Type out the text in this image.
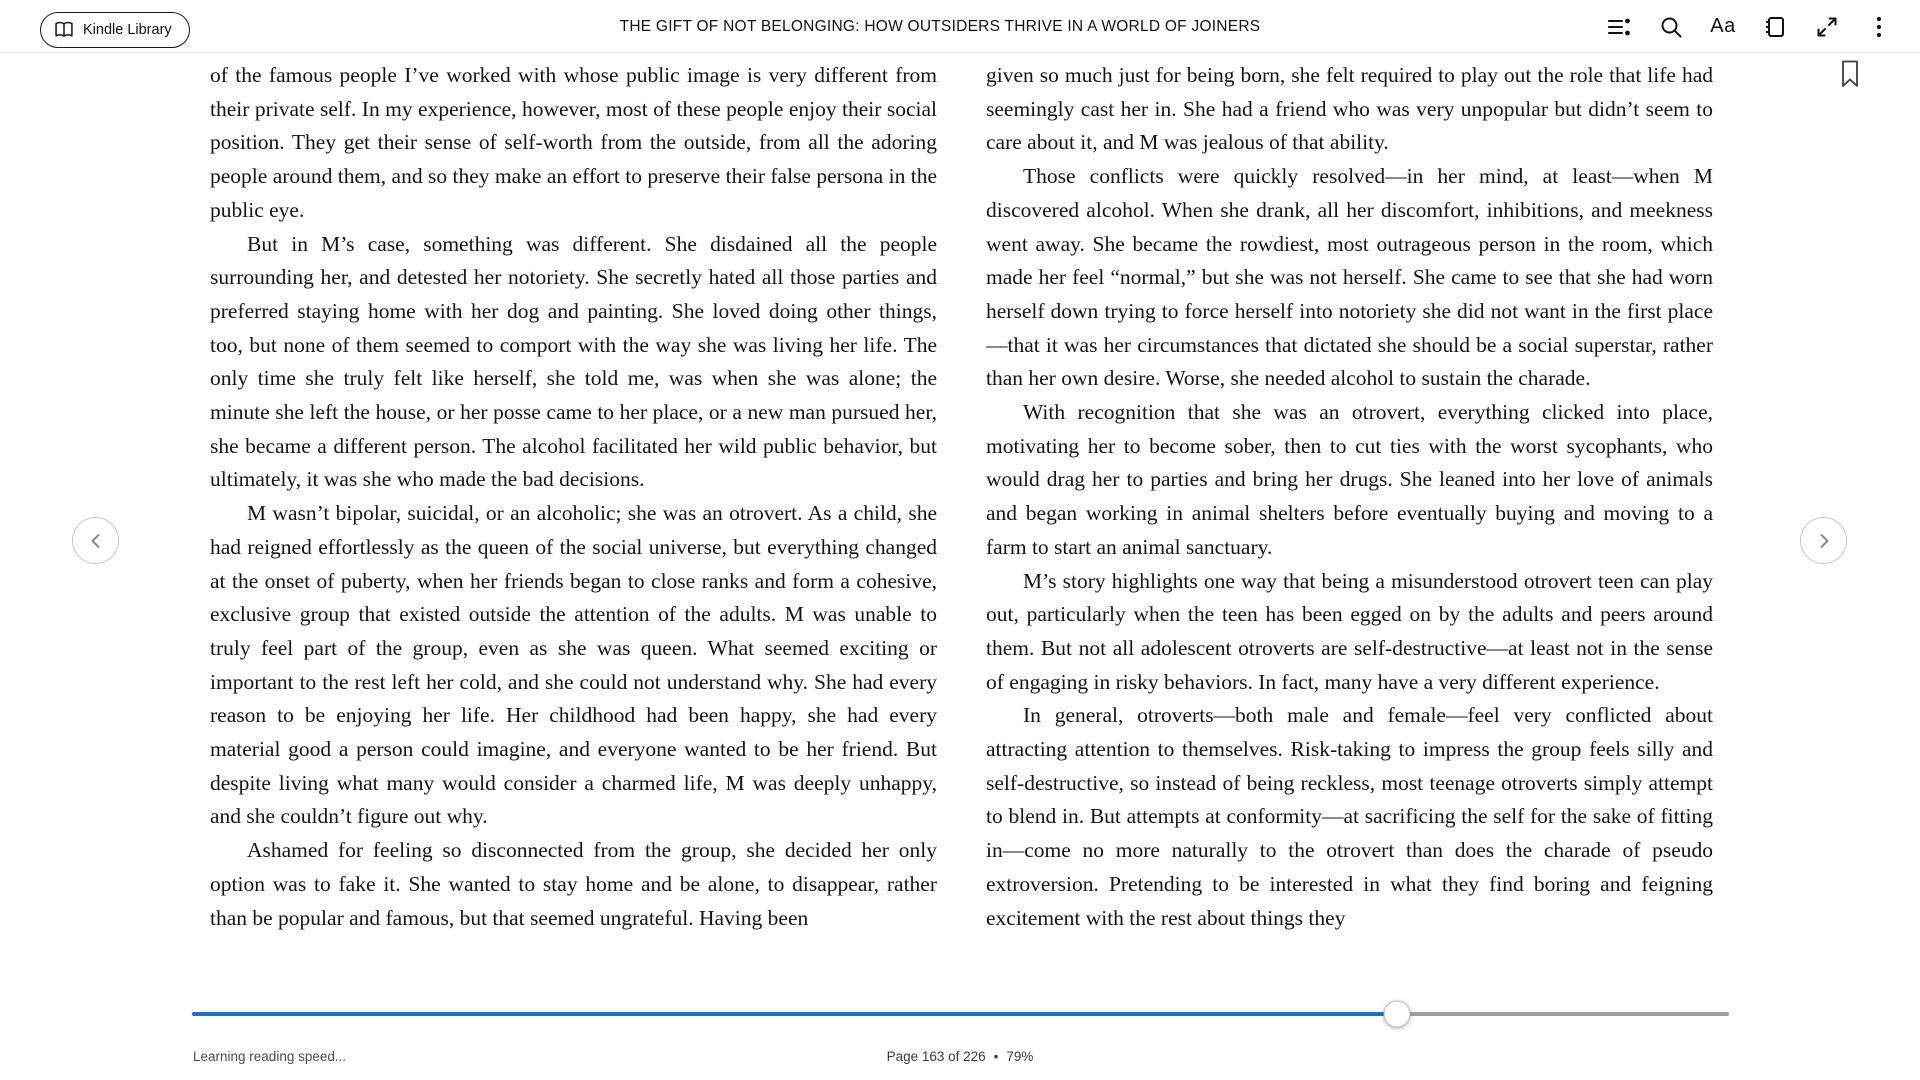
Kindle Library	THE GIFT OF NOT BELONGING: HOW OUTSIDERS THRIVE IN A WORLD OF JOINERS	Aa

of the famous people I’ve worked with whose public image is very different from their private self. In my experience, however, most of these people enjoy their social position. They get their sense of self-worth from the outside, from all the adoring people around them, and so they make an effort to preserve their false persona in the public eye.

But in M’s case, something was different. She disdained all the people surrounding her, and detested her notoriety. She secretly hated all those parties and preferred staying home with her dog and painting. She loved doing other things, too, but none of them seemed to comport with the way she was living her life. The only time she truly felt like herself, she told me, was when she was alone; the minute she left the house, or her posse came to her place, or a new man pursued her, she became a different person. The alcohol facilitated her wild public behavior, but ultimately, it was she who made the bad decisions.

M wasn’t bipolar, suicidal, or an alcoholic; she was an otrovert. As a child, she had reigned effortlessly as the queen of the social universe, but everything changed at the onset of puberty, when her friends began to close ranks and form a cohesive, exclusive group that existed outside the attention of the adults. M was unable to truly feel part of the group, even as she was queen. What seemed exciting or important to the rest left her cold, and she could not understand why. She had every reason to be enjoying her life. Her childhood had been happy, she had every material good a person could imagine, and everyone wanted to be her friend. But despite living what many would consider a charmed life, M was deeply unhappy, and she couldn’t figure out why.

Ashamed for feeling so disconnected from the group, she decided her only option was to fake it. She wanted to stay home and be alone, to disappear, rather than be popular and famous, but that seemed ungrateful. Having been

given so much just for being born, she felt required to play out the role that life had seemingly cast her in. She had a friend who was very unpopular but didn’t seem to care about it, and M was jealous of that ability.

Those conflicts were quickly resolved—in her mind, at least—when M discovered alcohol. When she drank, all her discomfort, inhibitions, and meekness went away. She became the rowdiest, most outrageous person in the room, which made her feel “normal,” but she was not herself. She came to see that she had worn herself down trying to force herself into notoriety she did not want in the first place—that it was her circumstances that dictated she should be a social superstar, rather than her own desire. Worse, she needed alcohol to sustain the charade.

With recognition that she was an otrovert, everything clicked into place, motivating her to become sober, then to cut ties with the worst sycophants, who would drag her to parties and bring her drugs. She leaned into her love of animals and began working in animal shelters before eventually buying and moving to a farm to start an animal sanctuary.

M’s story highlights one way that being a misunderstood otrovert teen can play out, particularly when the teen has been egged on by the adults and peers around them. But not all adolescent otroverts are self-destructive—at least not in the sense of engaging in risky behaviors. In fact, many have a very different experience.

In general, otroverts—both male and female—feel very conflicted about attracting attention to themselves. Risk-taking to impress the group feels silly and self-destructive, so instead of being reckless, most teenage otroverts simply attempt to blend in. But attempts at conformity—at sacrificing the self for the sake of fitting in—come no more naturally to the otrovert than does the charade of pseudo extroversion. Pretending to be interested in what they find boring and feigning excitement with the rest about things they

Learning reading speed...	Page 163 of 226 • 79%
